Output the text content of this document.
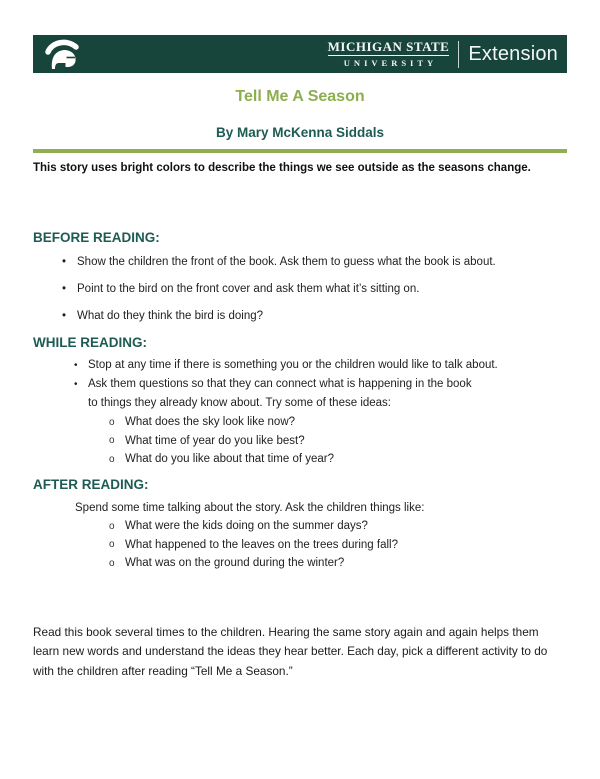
MICHIGAN STATE
UNIVERSITY	Extension
Tell Me A Season
By Mary McKenna Siddals
This story uses bright colors to describe the things we see outside as the seasons change.
BEFORE READING:
• Show the children the front of the book. Ask them to guess what the book is about.
• Point to the bird on the front cover and ask them what it’s sitting on.
• What do they think the bird is doing?
WHILE READING:
• Stop at any time if there is something you or the children would like to talk about.
• Ask them questions so that they can connect what is happening in the book
to things they already know about. Try some of these ideas:
o What does the sky look like now?
o What time of year do you like best?
o What do you like about that time of year?
AFTER READING:
Spend some time talking about the story. Ask the children things like:
o What were the kids doing on the summer days?
o What happened to the leaves on the trees during fall?
o What was on the ground during the winter?
Read this book several times to the children. Hearing the same story again and again helps them learn new words and understand the ideas they hear better. Each day, pick a different activity to do with the children after reading “Tell Me a Season.”
